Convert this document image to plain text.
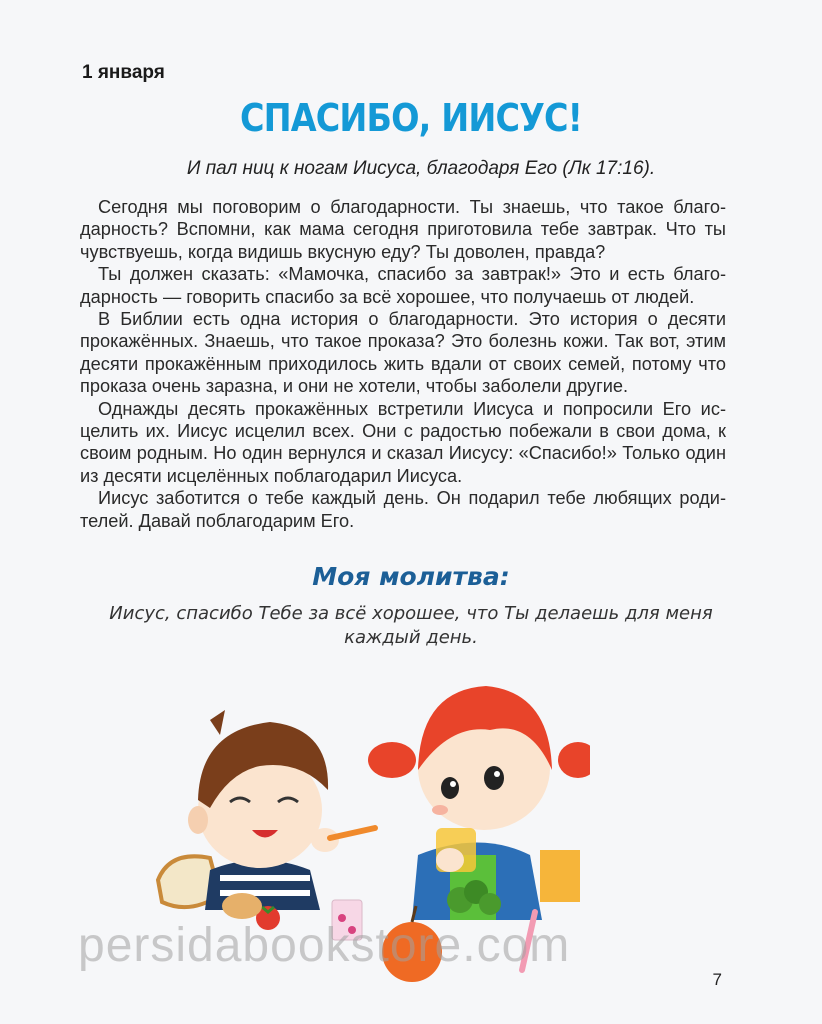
1 января
СПАСИБО, ИИСУС!
И пал ниц к ногам Иисуса, благодаря Его (Лк 17:16).

Сегодня мы поговорим о благодарности. Ты знаешь, что такое благодарность? Вспомни, как мама сегодня приготовила тебе завтрак. Что ты чувствуешь, когда видишь вкусную еду? Ты доволен, правда?

Ты должен сказать: «Мамочка, спасибо за завтрак!» Это и есть благодарность — говорить спасибо за всё хорошее, что получаешь от людей.

В Библии есть одна история о благодарности. Это история о десяти прокажённых. Знаешь, что такое проказа? Это болезнь кожи. Так вот, этим десяти прокажённым приходилось жить вдали от своих семей, потому что проказа очень заразна, и они не хотели, чтобы заболели другие.

Однажды десять прокажённых встретили Иисуса и попросили Его исцелить их. Иисус исцелил всех. Они с радостью побежали в свои дома, к своим родным. Но один вернулся и сказал Иисусу: «Спасибо!» Только один из десяти исцелённых поблагодарил Иисуса.

Иисус заботится о тебе каждый день. Он подарил тебе любящих родителей. Давай поблагодарим Его.

Моя молитва:
Иисус, спасибо Тебе за всё хорошее, что Ты делаешь для меня каждый день.
persidabookstore.com
7
